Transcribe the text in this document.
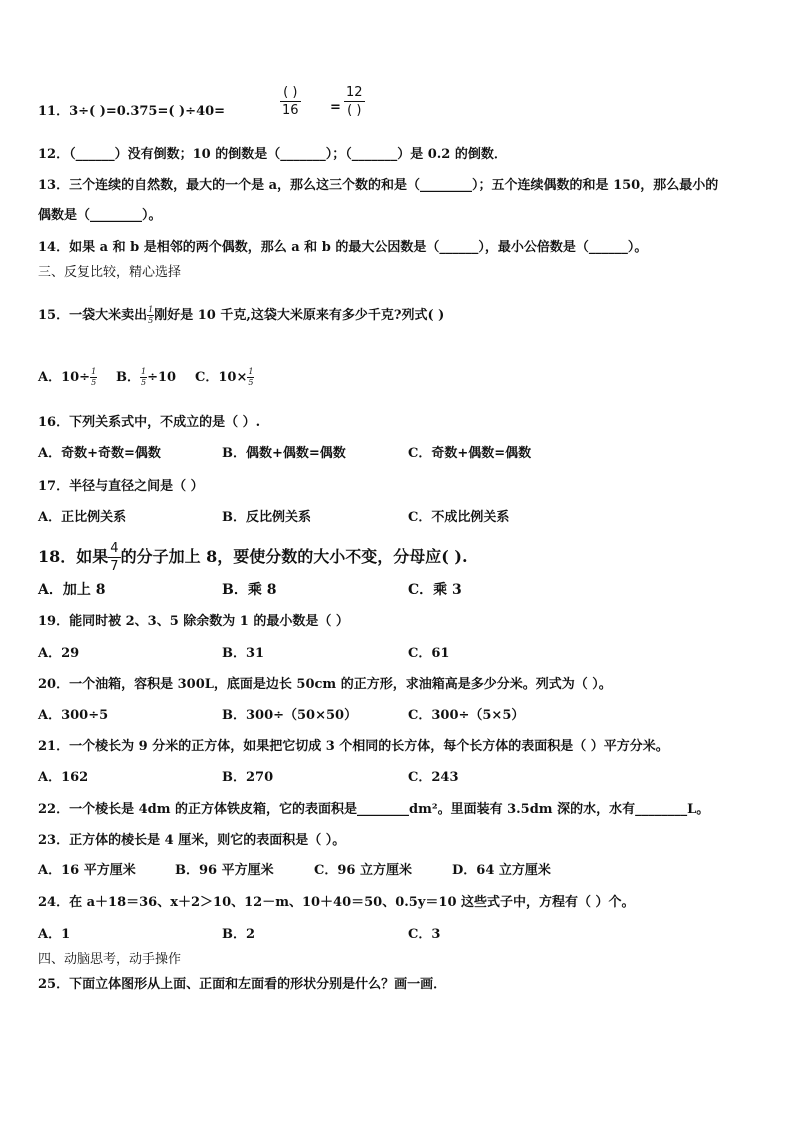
11．3÷( )=0.375=( )÷40=
( )
16 =
12
( )
12．（______）没有倒数；10 的倒数是（_______）；（_______）是 0.2 的倒数．
13．三个连续的自然数，最大的一个是 a，那么这三个数的和是（________）；五个连续偶数的和是 150，那么最小的
偶数是（________）。
14．如果 a 和 b 是相邻的两个偶数，那么 a 和 b 的最大公因数是（______），最小公倍数是（______）。
三、反复比较，精心选择
15．一袋大米卖出 $\frac{1}{5}$ 刚好是 10 千克,这袋大米原来有多少千克?列式( )
A．$10\div \frac{1}{5}$ B． $\frac{1}{5} \div 10$ C．$10\times \frac{1}{5}$
16．下列关系式中，不成立的是（ ）.
A．奇数+奇数=偶数	B．偶数+偶数=偶数	C．奇数+偶数=偶数
17．半径与直径之间是（ ）
A．正比例关系	B．反比例关系	C．不成比例关系
18．如果 $\frac{4}{7}$ 的分子加上 8，要使分数的大小不变，分母应( ).
A．加上 8	B．乘 8	C．乘 3
19．能同时被 2、3、5 除余数为 1 的最小数是（ ）
A．29	B．31	C．61
20．一个油箱，容积是 300L，底面是边长 50cm 的正方形，求油箱高是多少分米。列式为（ ）。
A．300÷5	B．300÷（50×50）	C．300÷（5×5）
21．一个棱长为 9 分米的正方体，如果把它切成 3 个相同的长方体，每个长方体的表面积是（ ）平方分米。
A．162	B．270	C．243
22．一个棱长是 4dm 的正方体铁皮箱，它的表面积是________dm²。里面装有 3.5dm 深的水，水有________L。
23．正方体的棱长是 4 厘米，则它的表面积是（ ）。
A．16 平方厘米	B．96 平方厘米	C．96 立方厘米	D．64 立方厘米
24．在 a＋18＝36、x＋2＞10、12－m、10＋40＝50、0.5y＝10 这些式子中，方程有（ ）个。
A．1	B．2	C．3
四、动脑思考，动手操作
25．下面立体图形从上面、正面和左面看的形状分别是什么？画一画．
